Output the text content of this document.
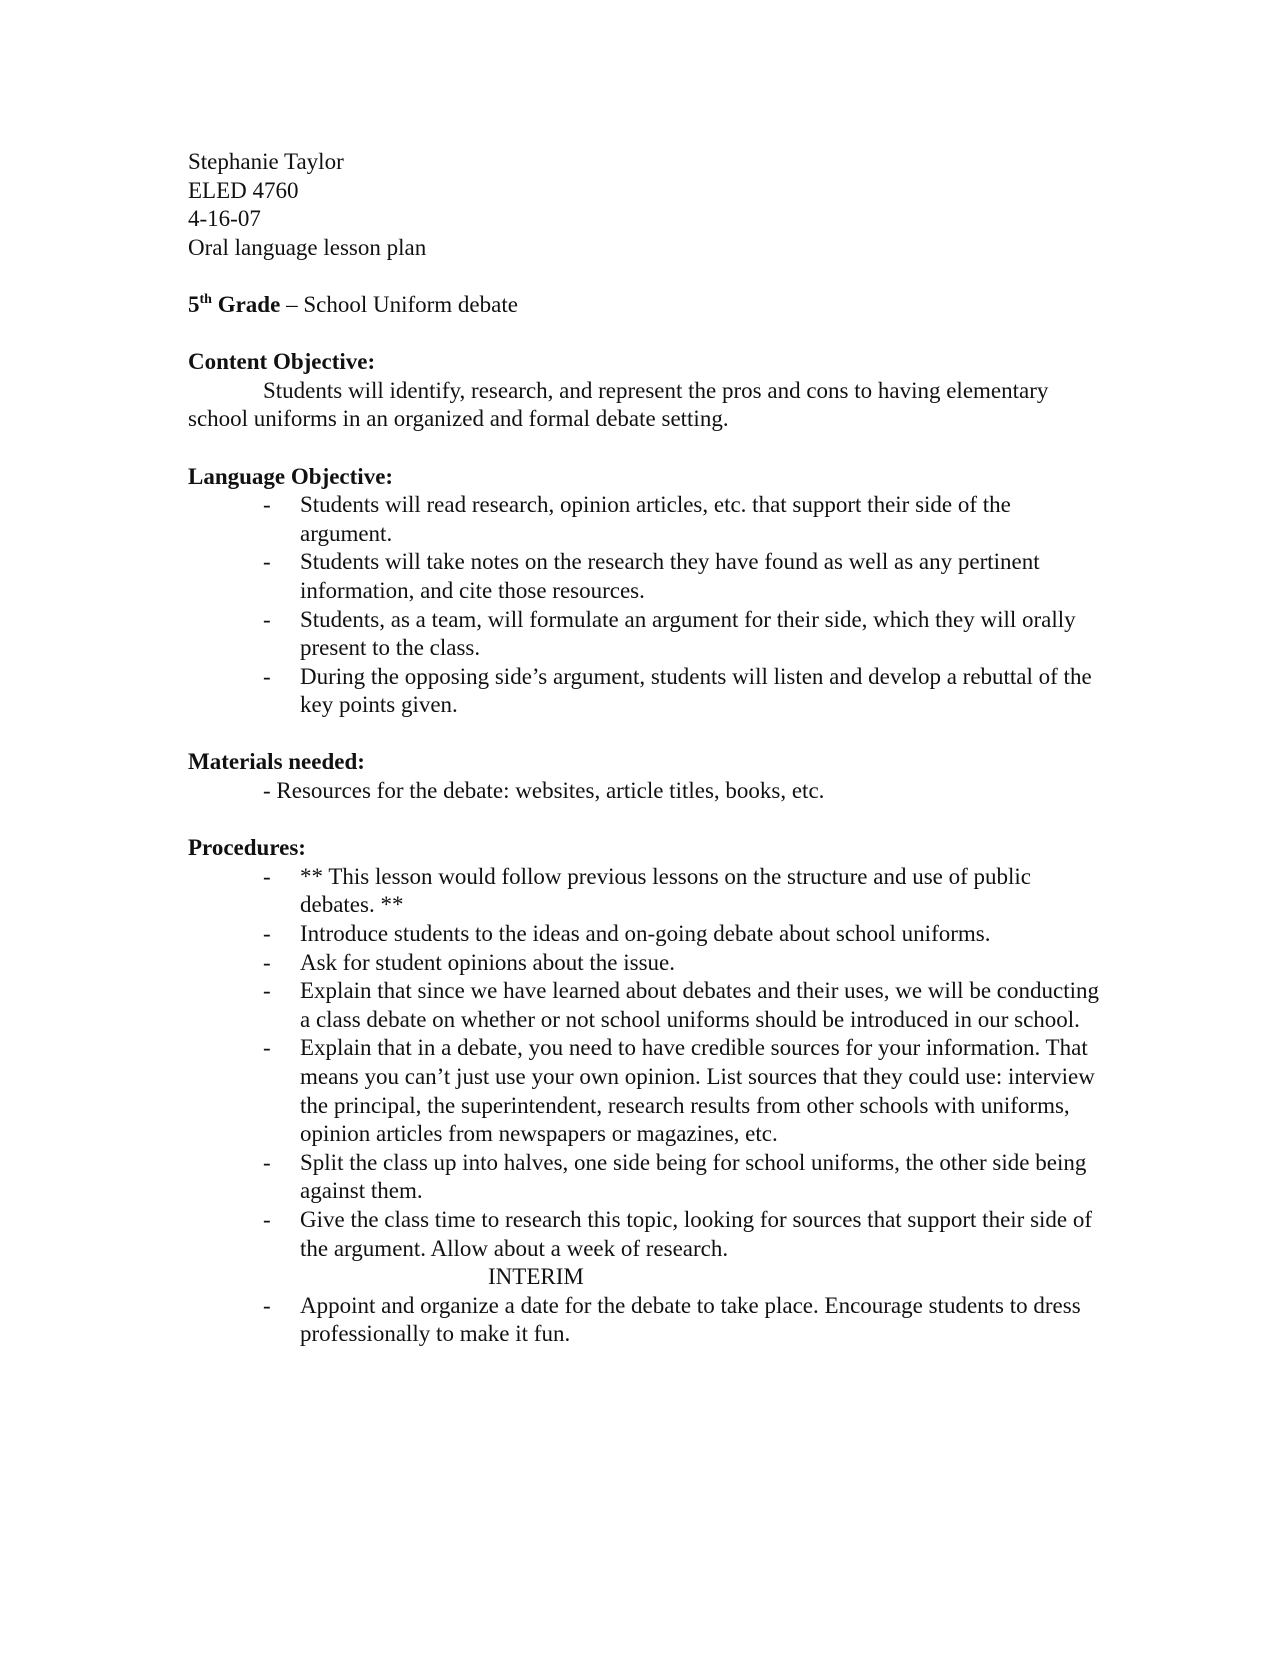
Stephanie Taylor
ELED 4760
4-16-07
Oral language lesson plan
5th Grade – School Uniform debate
Content Objective:
Students will identify, research, and represent the pros and cons to having elementary school uniforms in an organized and formal debate setting.
Language Objective:
- Students will read research, opinion articles, etc. that support their side of the argument.
- Students will take notes on the research they have found as well as any pertinent information, and cite those resources.
- Students, as a team, will formulate an argument for their side, which they will orally present to the class.
- During the opposing side’s argument, students will listen and develop a rebuttal of the key points given.
Materials needed:
- Resources for the debate: websites, article titles, books, etc.
Procedures:
- ** This lesson would follow previous lessons on the structure and use of public debates. **
- Introduce students to the ideas and on-going debate about school uniforms.
- Ask for student opinions about the issue.
- Explain that since we have learned about debates and their uses, we will be conducting a class debate on whether or not school uniforms should be introduced in our school.
- Explain that in a debate, you need to have credible sources for your information. That means you can’t just use your own opinion. List sources that they could use: interview the principal, the superintendent, research results from other schools with uniforms, opinion articles from newspapers or magazines, etc.
- Split the class up into halves, one side being for school uniforms, the other side being against them.
- Give the class time to research this topic, looking for sources that support their side of the argument. Allow about a week of research.
INTERIM
- Appoint and organize a date for the debate to take place. Encourage students to dress professionally to make it fun.
